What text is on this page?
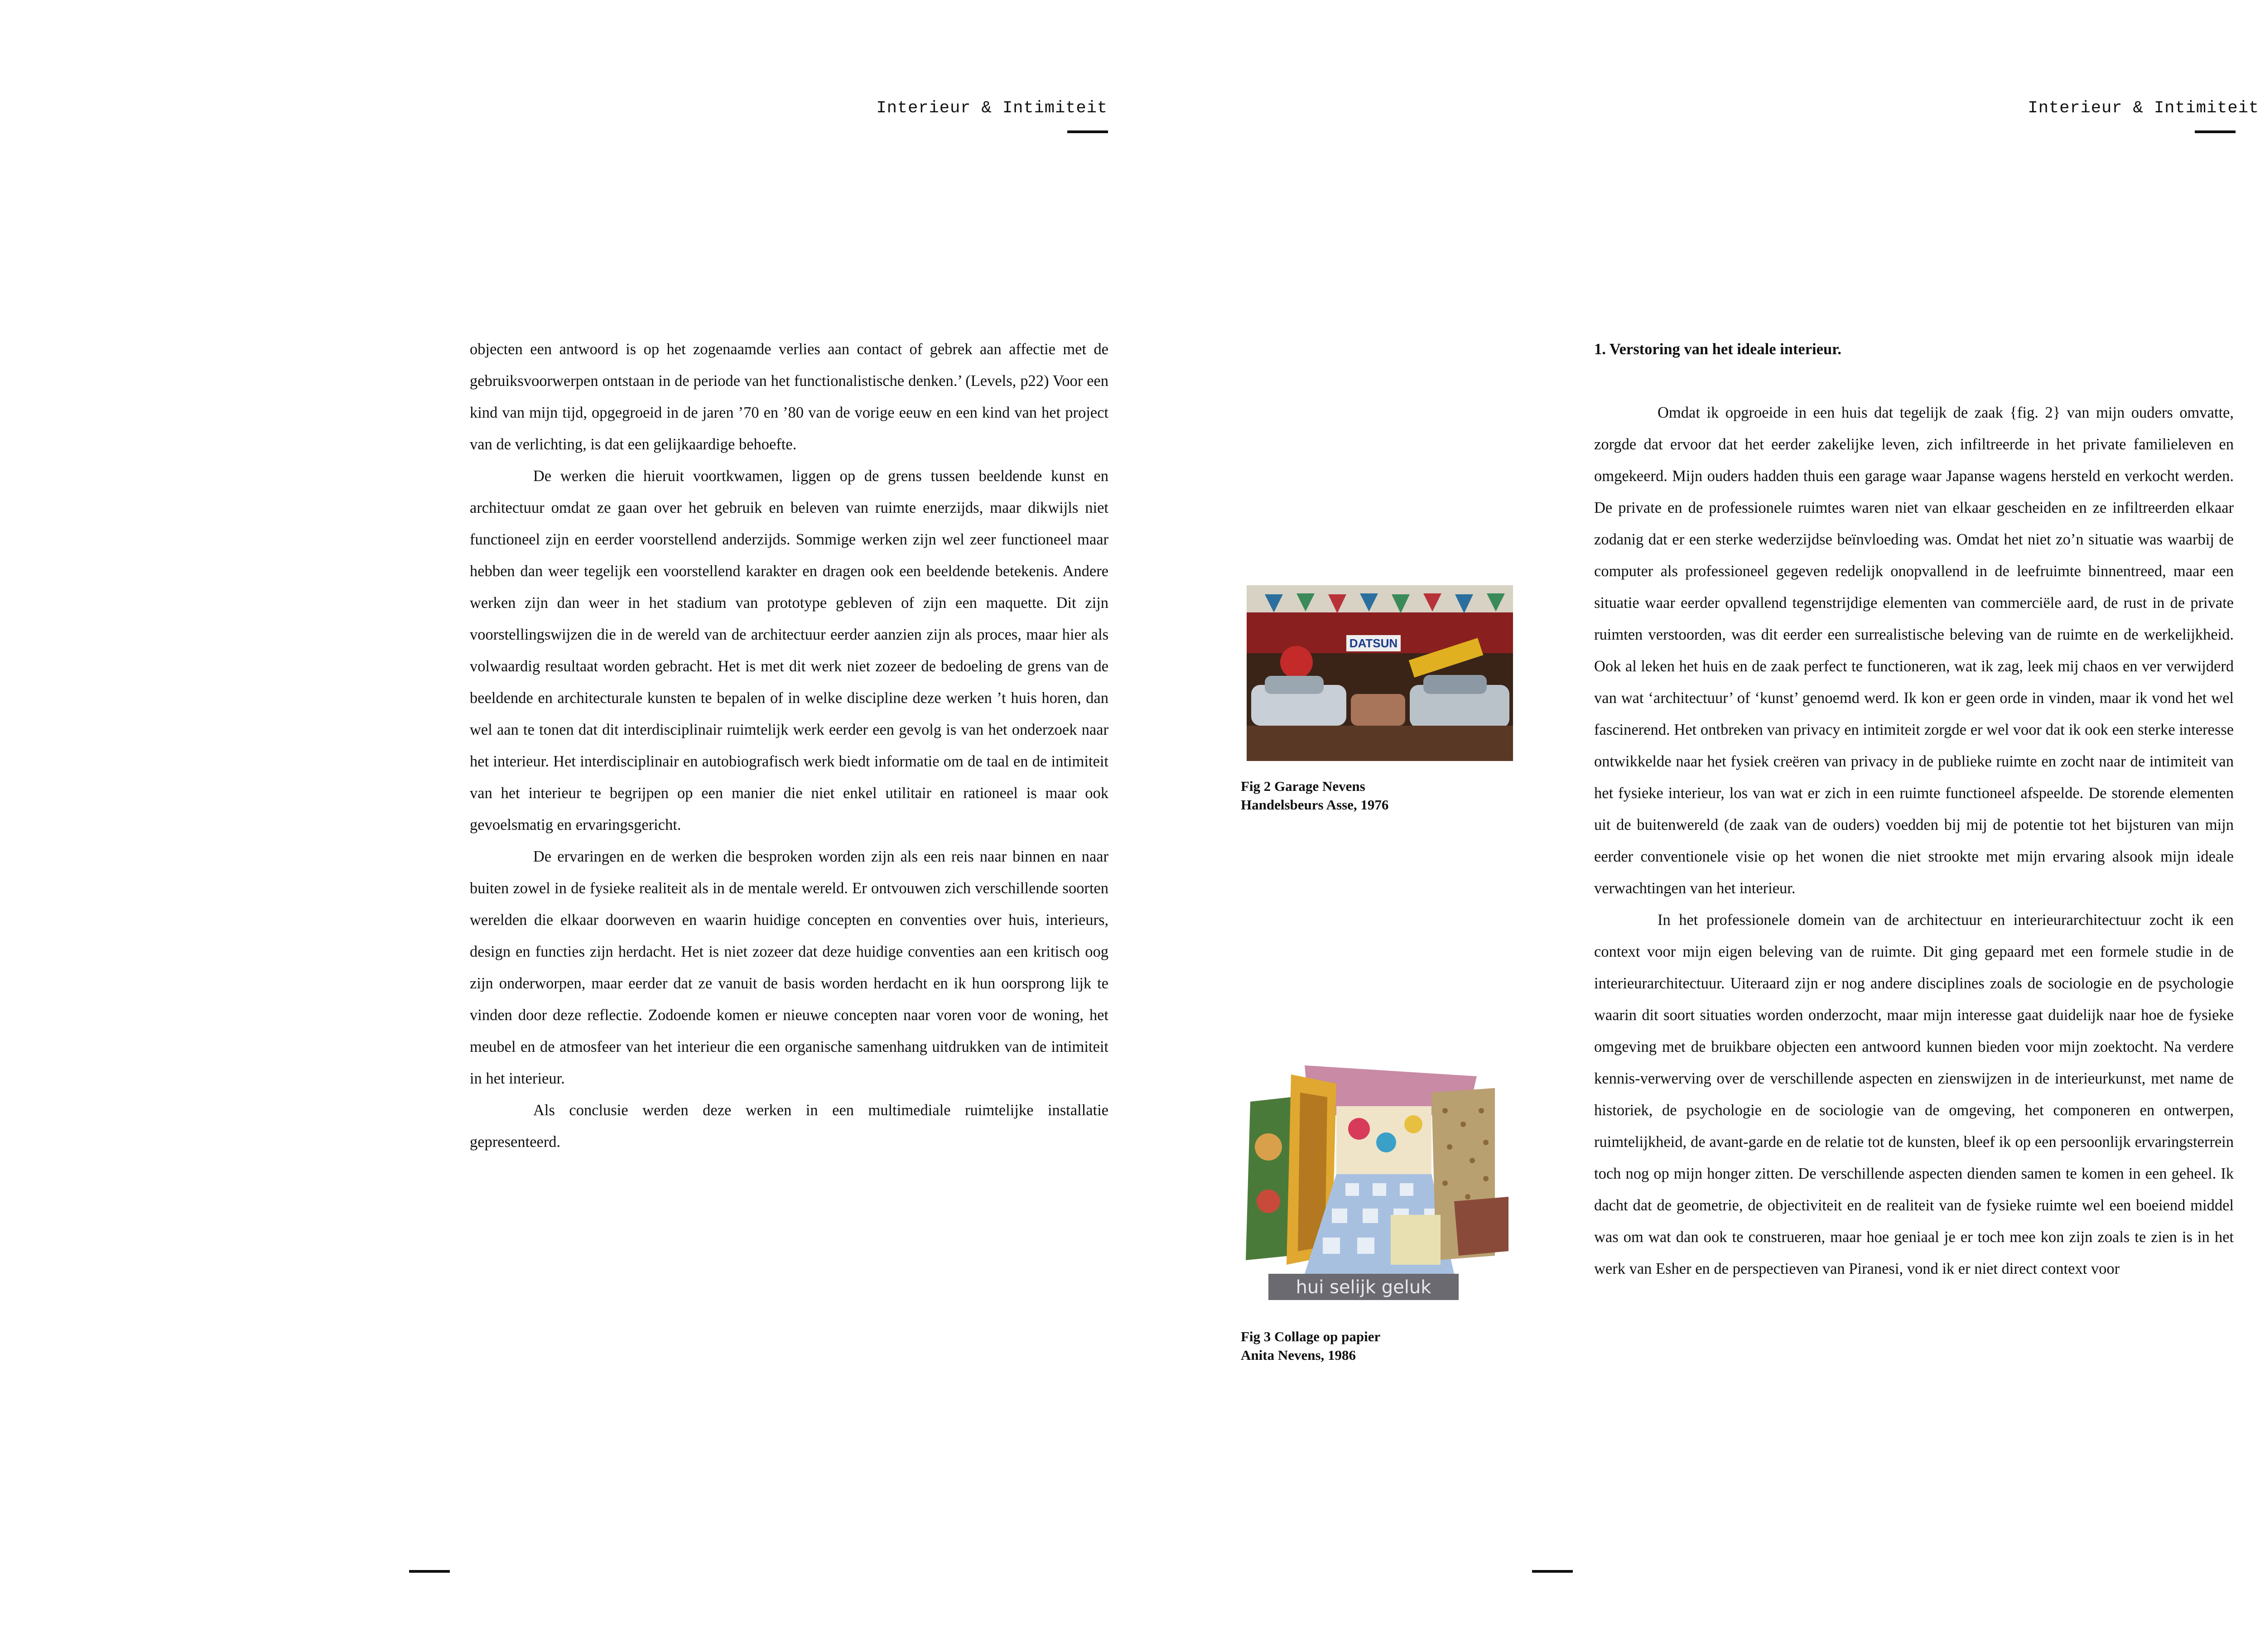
Interieur & Intimiteit

objecten een antwoord is op het zogenaamde verlies aan contact of gebrek aan affectie met de gebruiksvoorwerpen ontstaan in de periode van het functionalistische denken.’ (Levels, p22) Voor een kind van mijn tijd, opgegroeid in de jaren ’70 en ’80 van de vorige eeuw en een kind van het project van de verlichting, is dat een gelijkaardige behoefte.

De werken die hieruit voortkwamen, liggen op de grens tussen beeldende kunst en architectuur omdat ze gaan over het gebruik en beleven van ruimte enerzijds, maar dikwijls niet functioneel zijn en eerder voorstellend anderzijds. Sommige werken zijn wel zeer functioneel maar hebben dan weer tegelijk een voorstellend karakter en dragen ook een beeldende betekenis. Andere werken zijn dan weer in het stadium van prototype gebleven of zijn een maquette. Dit zijn voorstellingswijzen die in de wereld van de architectuur eerder aanzien zijn als proces, maar hier als volwaardig resultaat worden gebracht. Het is met dit werk niet zozeer de bedoeling de grens van de beeldende en architecturale kunsten te bepalen of in welke discipline deze werken ’t huis horen, dan wel aan te tonen dat dit interdisciplinair ruimtelijk werk eerder een gevolg is van het onderzoek naar het interieur. Het interdisciplinair en autobiografisch werk biedt informatie om de taal en de intimiteit van het interieur te begrijpen op een manier die niet enkel utilitair en rationeel is maar ook gevoelsmatig en ervaringsgericht.

De ervaringen en de werken die besproken worden zijn als een reis naar binnen en naar buiten zowel in de fysieke realiteit als in de mentale wereld. Er ontvouwen zich verschillende soorten werelden die elkaar doorweven en waarin huidige concepten en conventies over huis, interieurs, design en functies zijn herdacht. Het is niet zozeer dat deze huidige conventies aan een kritisch oog zijn onderworpen, maar eerder dat ze vanuit de basis worden herdacht en ik hun oorsprong lijk te vinden door deze reflectie. Zodoende komen er nieuwe concepten naar voren voor de woning, het meubel en de atmosfeer van het interieur die een organische samenhang uitdrukken van de intimiteit in het interieur.

Als conclusie werden deze werken in een multimediale ruimtelijke installatie gepresenteerd.

DATSUN
Fig 2 Garage Nevens
Handelsbeurs Asse, 1976
hui selijk geluk
Fig 3 Collage op papier
Anita Nevens, 1986
Interieur & Intimiteit
1. Verstoring van het ideale interieur.

Omdat ik opgroeide in een huis dat tegelijk de zaak {fig. 2} van mijn ouders omvatte, zorgde dat ervoor dat het eerder zakelijke leven, zich infiltreerde in het private familieleven en omgekeerd. Mijn ouders hadden thuis een garage waar Japanse wagens hersteld en verkocht werden. De private en de professionele ruimtes waren niet van elkaar gescheiden en ze infiltreerden elkaar zodanig dat er een sterke wederzijdse beïnvloeding was. Omdat het niet zo’n situatie was waarbij de computer als professioneel gegeven redelijk onopvallend in de leefruimte binnentreed, maar een situatie waar eerder opvallend tegenstrijdige elementen van commerciële aard, de rust in de private ruimten verstoorden, was dit eerder een surrealistische beleving van de ruimte en de werkelijkheid. Ook al leken het huis en de zaak perfect te functioneren, wat ik zag, leek mij chaos en ver verwijderd van wat ‘architectuur’ of ‘kunst’ genoemd werd. Ik kon er geen orde in vinden, maar ik vond het wel fascinerend. Het ontbreken van privacy en intimiteit zorgde er wel voor dat ik ook een sterke interesse ontwikkelde naar het fysiek creëren van privacy in de publieke ruimte en zocht naar de intimiteit van het fysieke interieur, los van wat er zich in een ruimte functioneel afspeelde. De storende elementen uit de buitenwereld (de zaak van de ouders) voedden bij mij de potentie tot het bijsturen van mijn eerder conventionele visie op het wonen die niet strookte met mijn ervaring alsook mijn ideale verwachtingen van het interieur.

In het professionele domein van de architectuur en interieurarchitectuur zocht ik een context voor mijn eigen beleving van de ruimte. Dit ging gepaard met een formele studie in de interieurarchitectuur. Uiteraard zijn er nog andere disciplines zoals de sociologie en de psychologie waarin dit soort situaties worden onderzocht, maar mijn interesse gaat duidelijk naar hoe de fysieke omgeving met de bruikbare objecten een antwoord kunnen bieden voor mijn zoektocht. Na verdere kennis-verwerving over de verschillende aspecten en zienswijzen in de interieurkunst, met name de historiek, de psychologie en de sociologie van de omgeving, het componeren en ontwerpen, ruimtelijkheid, de avant-garde en de relatie tot de kunsten, bleef ik op een persoonlijk ervaringsterrein toch nog op mijn honger zitten. De verschillende aspecten dienden samen te komen in een geheel. Ik dacht dat de geometrie, de objectiviteit en de realiteit van de fysieke ruimte wel een boeiend middel was om wat dan ook te construeren, maar hoe geniaal je er toch mee kon zijn zoals te zien is in het werk van Esher en de perspectieven van Piranesi, vond ik er niet direct context voor
